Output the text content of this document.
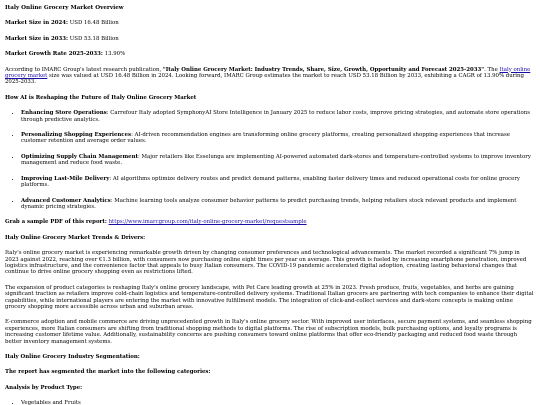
Italy Online Grocery Market Overview
Market Size in 2024: USD 16.48 Billion
Market Size in 2033: USD 53.18 Billion
Market Growth Rate 2025-2033: 13.90%

According to IMARC Group's latest research publication, "Italy Online Grocery Market: Industry Trends, Share, Size, Growth, Opportunity and Forecast 2025-2033". The Italy online grocery market size was valued at USD 16.48 Billion in 2024. Looking forward, IMARC Group estimates the market to reach USD 53.18 Billion by 2033, exhibiting a CAGR of 13.90% during 2025-2033.

How AI is Reshaping the Future of Italy Online Grocery Market
• Enhancing Store Operations: Carrefour Italy adopted SymphonyAI Store Intelligence in January 2025 to reduce labor costs, improve pricing strategies, and automate store operations through predictive analytics.
• Personalizing Shopping Experiences: AI-driven recommendation engines are transforming online grocery platforms, creating personalized shopping experiences that increase customer retention and average order values.
• Optimizing Supply Chain Management: Major retailers like Esselunga are implementing AI-powered automated dark-stores and temperature-controlled systems to improve inventory management and reduce food waste.
• Improving Last-Mile Delivery: AI algorithms optimize delivery routes and predict demand patterns, enabling faster delivery times and reduced operational costs for online grocery platforms.
• Advanced Customer Analytics: Machine learning tools analyze consumer behavior patterns to predict purchasing trends, helping retailers stock relevant products and implement dynamic pricing strategies.
Grab a sample PDF of this report: https://www.imarcgroup.com/italy-online-grocery-market/requestsample
Italy Online Grocery Market Trends & Drivers:

Italy's online grocery market is experiencing remarkable growth driven by changing consumer preferences and technological advancements. The market recorded a significant 7% jump in 2023 against 2022, reaching over €1.3 billion, with consumers now purchasing online eight times per year on average. This growth is fueled by increasing smartphone penetration, improved logistics infrastructure, and the convenience factor that appeals to busy Italian consumers. The COVID-19 pandemic accelerated digital adoption, creating lasting behavioral changes that continue to drive online grocery shopping even as restrictions lifted.

The expansion of product categories is reshaping Italy's online grocery landscape, with Pet Care leading growth at 25% in 2023. Fresh produce, fruits, vegetables, and herbs are gaining significant traction as retailers improve cold-chain logistics and temperature-controlled delivery systems. Traditional Italian grocers are partnering with tech companies to enhance their digital capabilities, while international players are entering the market with innovative fulfillment models. The integration of click-and-collect services and dark-store concepts is making online grocery shopping more accessible across urban and suburban areas.

E-commerce adoption and mobile commerce are driving unprecedented growth in Italy's online grocery sector. With improved user interfaces, secure payment systems, and seamless shopping experiences, more Italian consumers are shifting from traditional shopping methods to digital platforms. The rise of subscription models, bulk purchasing options, and loyalty programs is increasing customer lifetime value. Additionally, sustainability concerns are pushing consumers toward online platforms that offer eco-friendly packaging and reduced food waste through better inventory management systems.

Italy Online Grocery Industry Segmentation:
The report has segmented the market into the following categories:
Analysis by Product Type:
• Vegetables and Fruits
